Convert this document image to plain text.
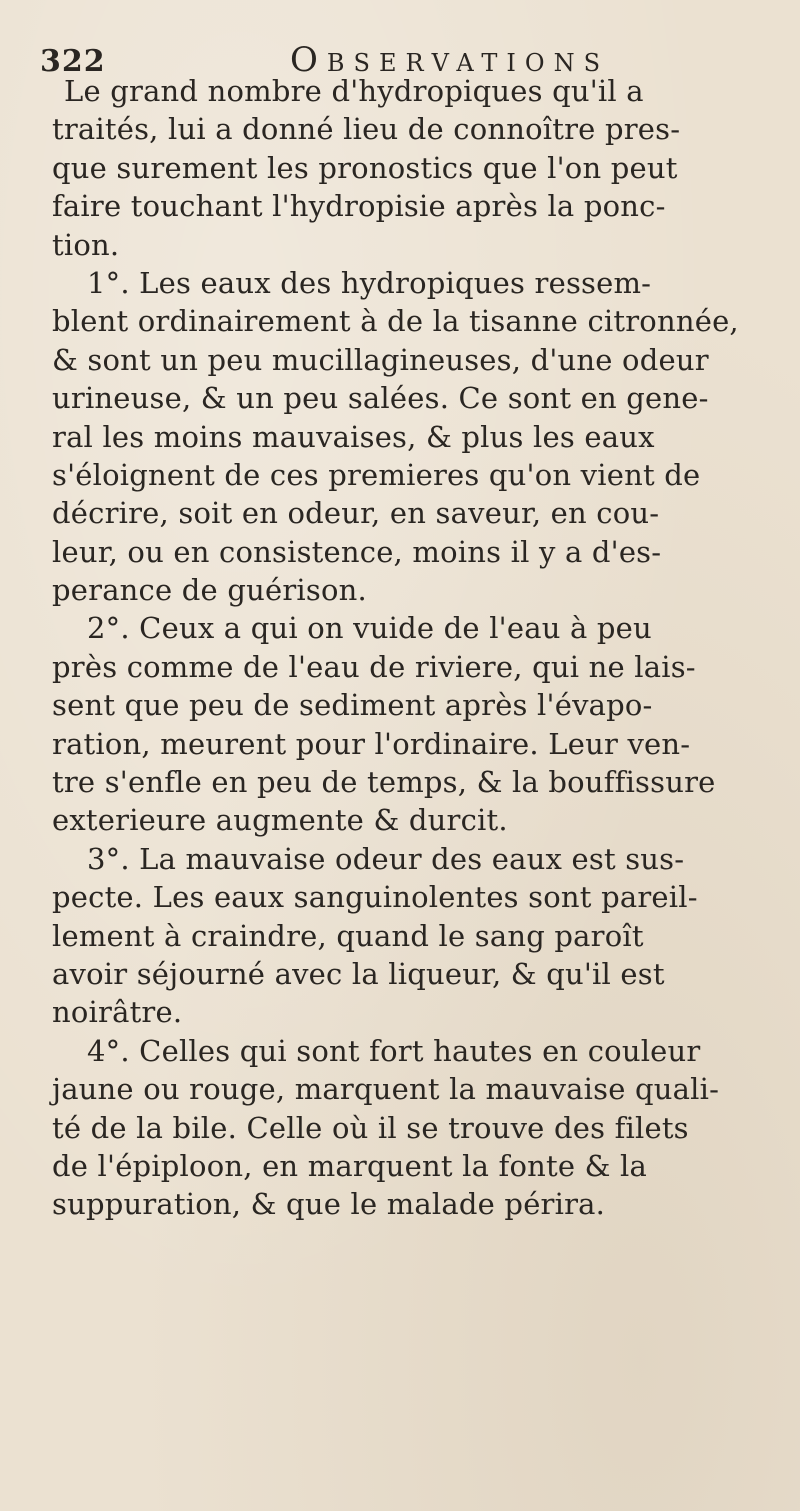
322	Observations
Le grand nombre d'hydropiques qu'il a
traités, lui a donné lieu de connoître pres-
que surement les pronostics que l'on peut
faire touchant l'hydropisie après la ponc-
tion.
1°. Les eaux des hydropiques ressem-
blent ordinairement à de la tisanne citronnée,
& sont un peu mucillagineuses, d'une odeur
urineuse, & un peu salées. Ce sont en gene-
ral les moins mauvaises, & plus les eaux
s'éloignent de ces premieres qu'on vient de
décrire, soit en odeur, en saveur, en cou-
leur, ou en consistence, moins il y a d'es-
perance de guérison.
2°. Ceux a qui on vuide de l'eau à peu
près comme de l'eau de riviere, qui ne lais-
sent que peu de sediment après l'évapo-
ration, meurent pour l'ordinaire. Leur ven-
tre s'enfle en peu de temps, & la bouffissure
exterieure augmente & durcit.
3°. La mauvaise odeur des eaux est sus-
pecte. Les eaux sanguinolentes sont pareil-
lement à craindre, quand le sang paroît
avoir séjourné avec la liqueur, & qu'il est
noirâtre.
4°. Celles qui sont fort hautes en couleur
jaune ou rouge, marquent la mauvaise quali-
té de la bile. Celle où il se trouve des filets
de l'épiploon, en marquent la fonte & la
suppuration, & que le malade périra.
